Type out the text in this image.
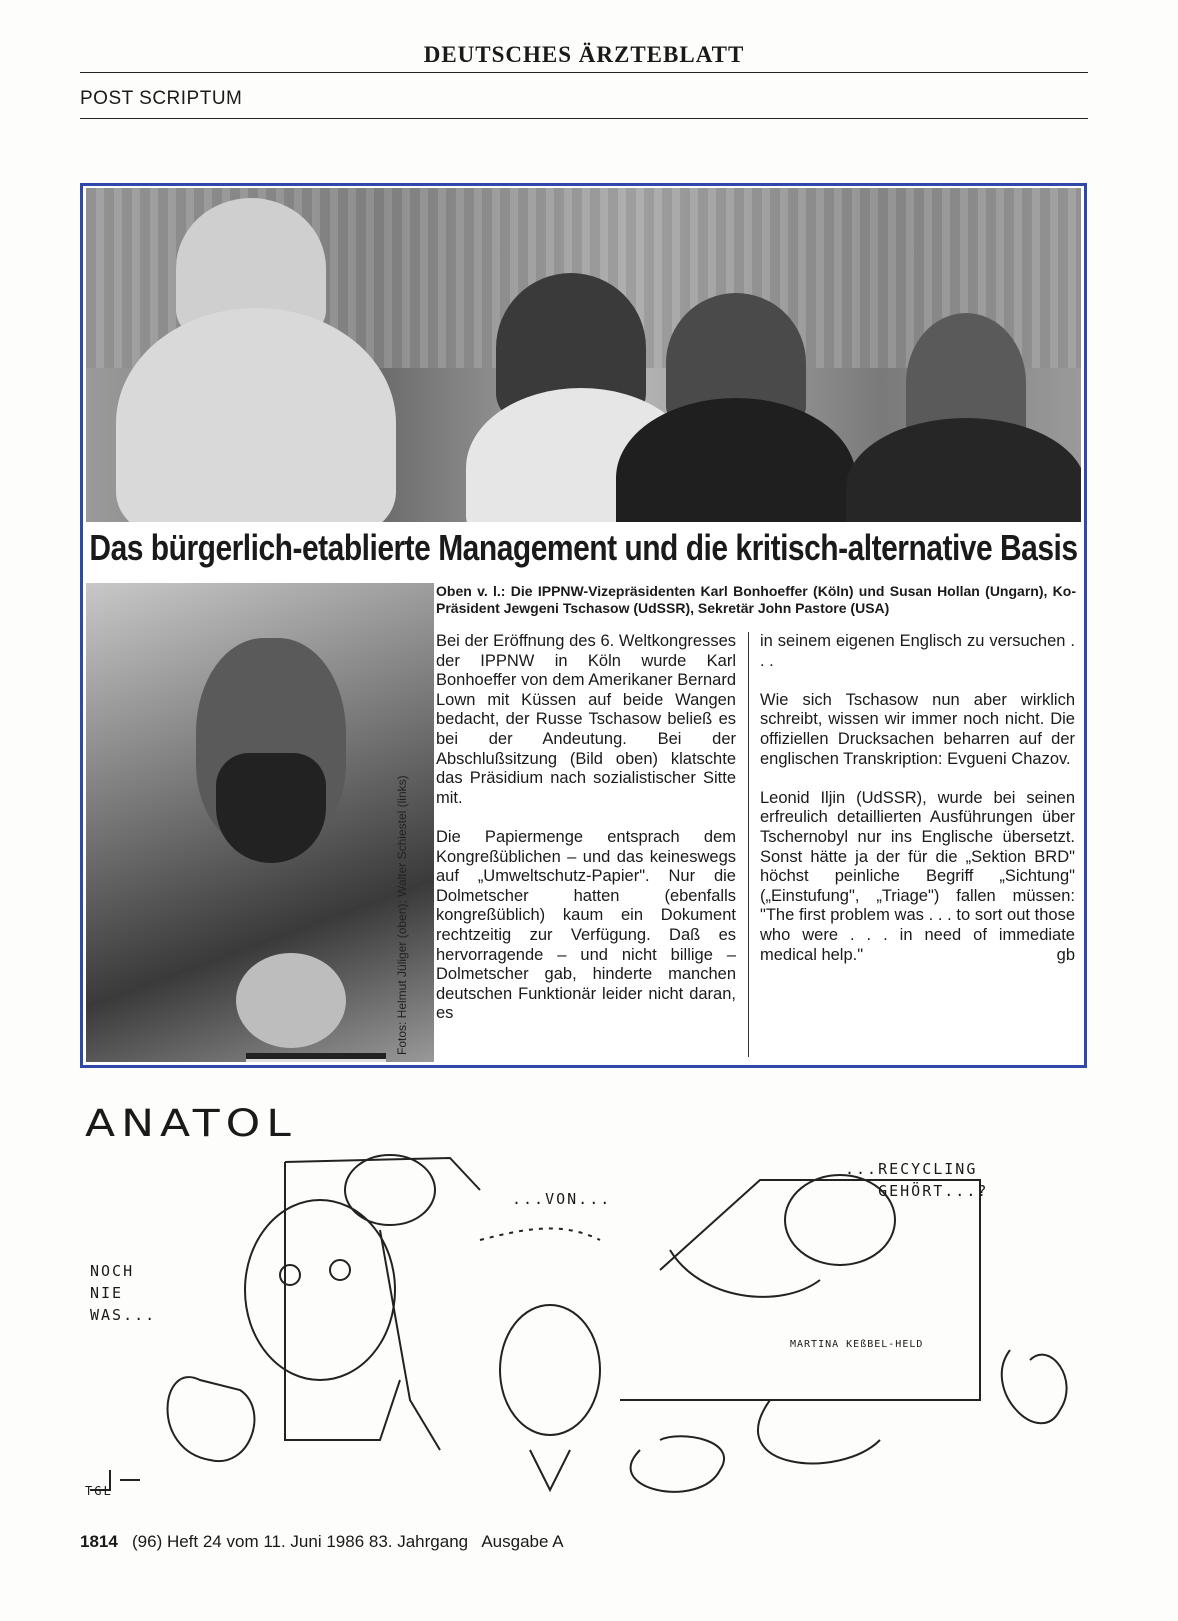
DEUTSCHES ÄRZTEBLATT
POST SCRIPTUM
Das bürgerlich-etablierte Management und die kritisch-alternative Basis
Fotos: Helmut Jüliger (oben); Walter Schiestel (links)
Oben v. l.: Die IPPNW-Vizepräsidenten Karl Bonhoeffer (Köln) und Susan Hollan (Ungarn), Ko-Präsident Jewgeni Tschasow (UdSSR), Sekretär John Pastore (USA)

Bei der Eröffnung des 6. Weltkongresses der IPPNW in Köln wurde Karl Bonhoeffer von dem Amerikaner Bernard Lown mit Küssen auf beide Wangen bedacht, der Russe Tschasow beließ es bei der Andeutung. Bei der Abschlußsitzung (Bild oben) klatschte das Präsidium nach sozialistischer Sitte mit.

Die Papiermenge entsprach dem Kongreßüblichen – und das keineswegs auf „Umweltschutz-Papier". Nur die Dolmetscher hatten (ebenfalls kongreßüblich) kaum ein Dokument rechtzeitig zur Verfügung. Daß es hervorragende – und nicht billige – Dolmetscher gab, hinderte manchen deutschen Funktionär leider nicht daran, es

in seinem eigenen Englisch zu versuchen . . .

Wie sich Tschasow nun aber wirklich schreibt, wissen wir immer noch nicht. Die offiziellen Drucksachen beharren auf der englischen Transkription: Evgueni Chazov.

Leonid Iljin (UdSSR), wurde bei seinen erfreulich detaillierten Ausführungen über Tschernobyl nur ins Englische übersetzt. Sonst hätte ja der für die „Sektion BRD" höchst peinliche Begriff „Sichtung" („Einstufung", „Triage") fallen müssen: "The first problem was . . . to sort out those who were . . . in need of immediate medical help."	gb

ANATOL
NOCH
NIE
WAS...
...VON...
...RECYCLING
GEHÖRT...?
MARTINA KEßBEL-HELD
TGL
1814 (96) Heft 24 vom 11. Juni 1986 83. Jahrgang   Ausgabe A
